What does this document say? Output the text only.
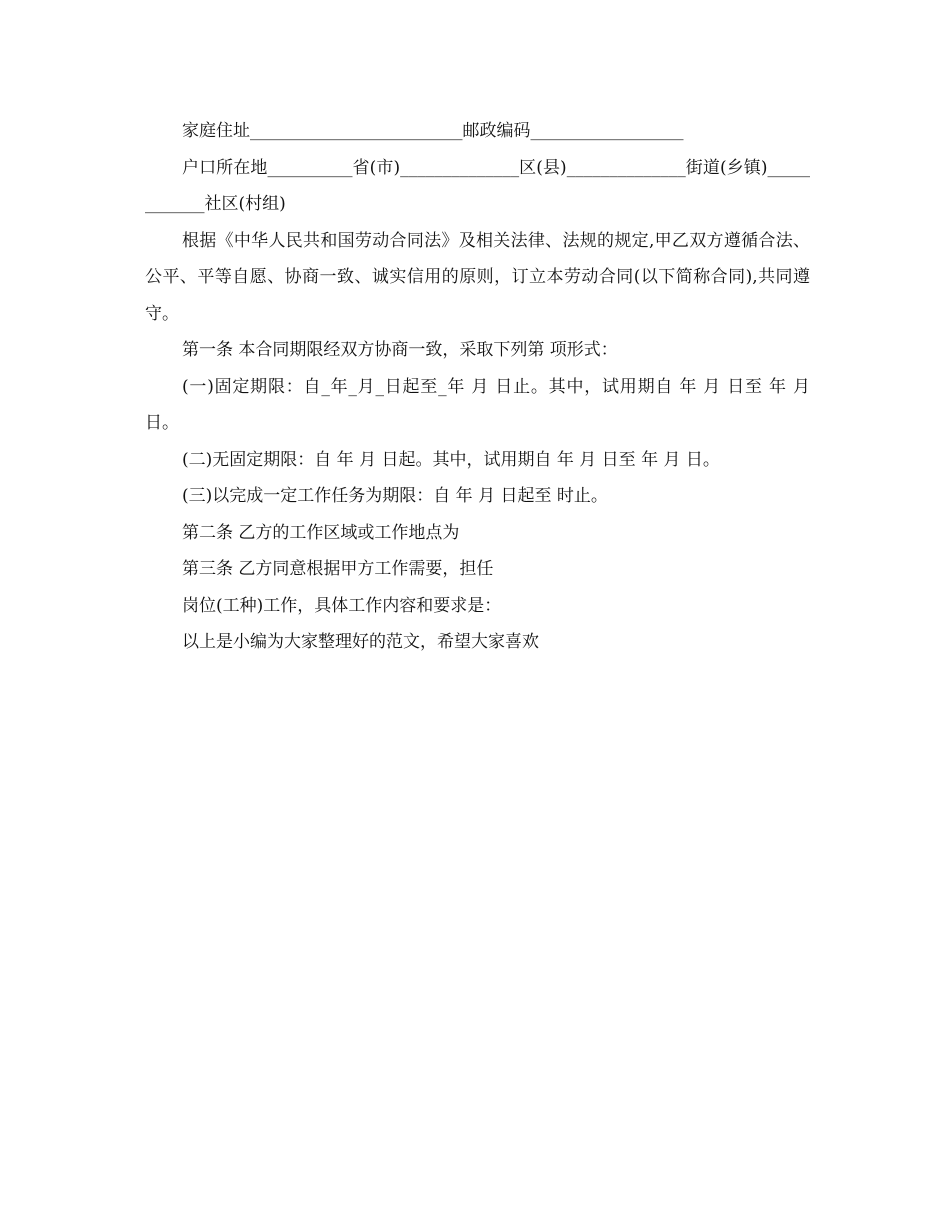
家庭住址_________________________邮政编码__________________

户口所在地__________省(市)______________区(县)______________街道(乡镇)____________社区(村组)

根据《中华人民共和国劳动合同法》及相关法律、法规的规定,甲乙双方遵循合法、公平、平等自愿、协商一致、诚实信用的原则，订立本劳动合同(以下简称合同),共同遵守。

第一条 本合同期限经双方协商一致，采取下列第 项形式：

(一)固定期限：自_年_月_日起至_年 月 日止。其中，试用期自 年 月 日至 年 月 日。

(二)无固定期限：自 年 月 日起。其中，试用期自 年 月 日至 年 月 日。

(三)以完成一定工作任务为期限：自 年 月 日起至 时止。

第二条 乙方的工作区域或工作地点为

第三条 乙方同意根据甲方工作需要，担任

岗位(工种)工作，具体工作内容和要求是：

以上是小编为大家整理好的范文，希望大家喜欢
